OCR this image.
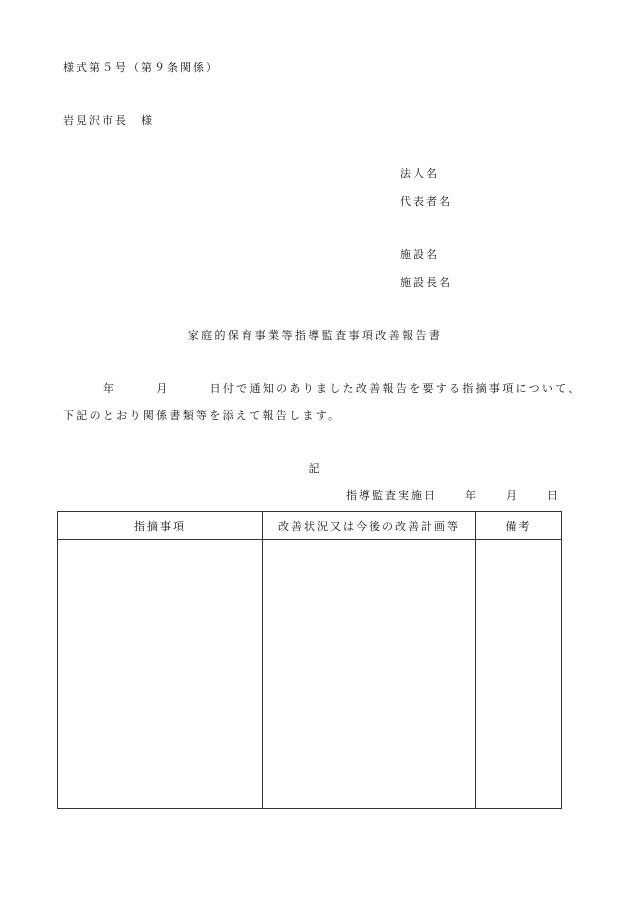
様式第５号（第９条関係）
岩見沢市長　様
法人名
代表者名
施設名
施設長名
家庭的保育事業等指導監査事項改善報告書
年	月	日付で通知のありました改善報告を要する指摘事項について、
下記のとおり関係書類等を添えて報告します。
記
指導監査実施日	年	月	日
指摘事項	改善状況又は今後の改善計画等	備考
